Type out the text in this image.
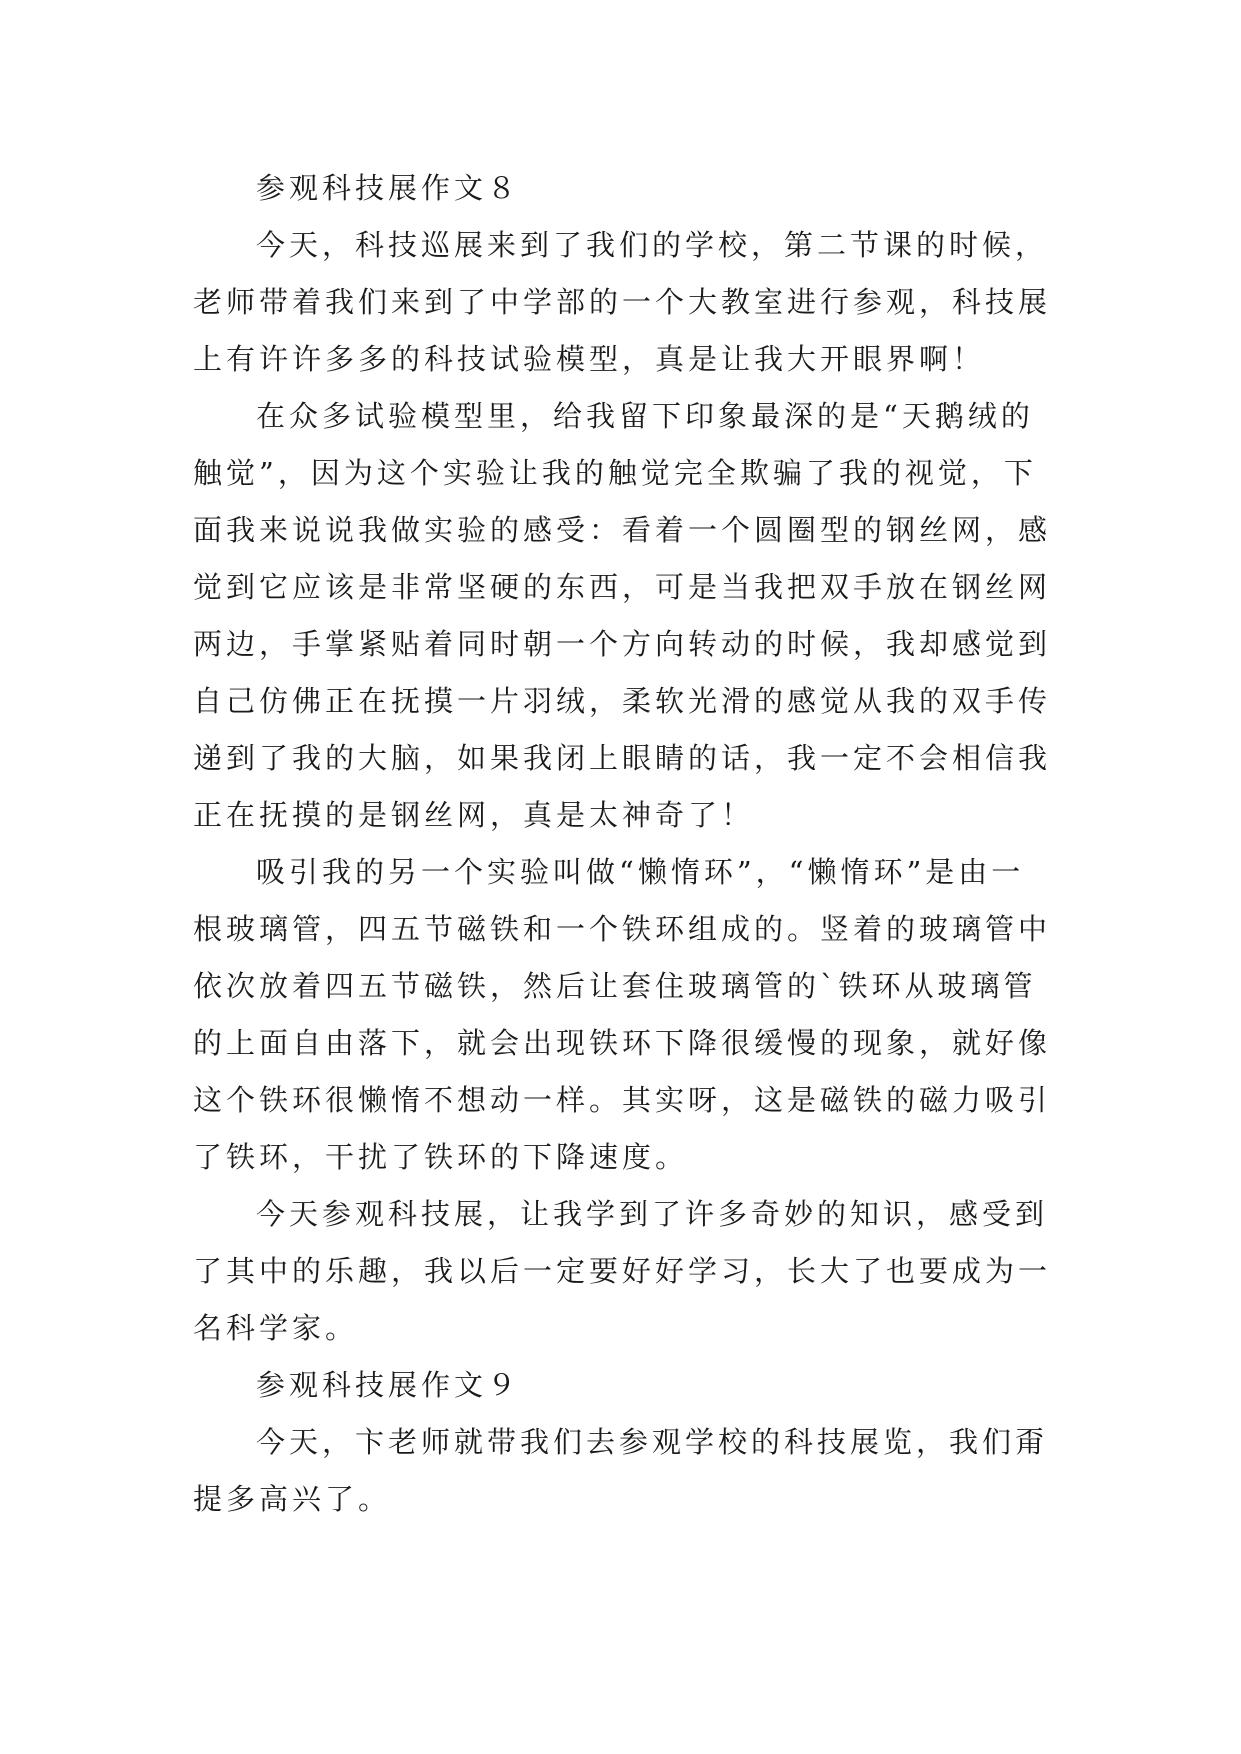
参观科技展作文８

今天，科技巡展来到了我们的学校，第二节课的时候，

老师带着我们来到了中学部的一个大教室进行参观，科技展

上有许许多多的科技试验模型，真是让我大开眼界啊！

在众多试验模型里，给我留下印象最深的是“天鹅绒的

触觉”，因为这个实验让我的触觉完全欺骗了我的视觉，下

面我来说说我做实验的感受：看着一个圆圈型的钢丝网，感

觉到它应该是非常坚硬的东西，可是当我把双手放在钢丝网

两边，手掌紧贴着同时朝一个方向转动的时候，我却感觉到

自己仿佛正在抚摸一片羽绒，柔软光滑的感觉从我的双手传

递到了我的大脑，如果我闭上眼睛的话，我一定不会相信我

正在抚摸的是钢丝网，真是太神奇了！

吸引我的另一个实验叫做“懒惰环”，“懒惰环”是由一

根玻璃管，四五节磁铁和一个铁环组成的。竖着的玻璃管中

依次放着四五节磁铁，然后让套住玻璃管的`铁环从玻璃管

的上面自由落下，就会出现铁环下降很缓慢的现象，就好像

这个铁环很懒惰不想动一样。其实呀，这是磁铁的磁力吸引

了铁环，干扰了铁环的下降速度。

今天参观科技展，让我学到了许多奇妙的知识，感受到

了其中的乐趣，我以后一定要好好学习，长大了也要成为一

名科学家。

参观科技展作文９

今天，卞老师就带我们去参观学校的科技展览，我们甭

提多高兴了。
